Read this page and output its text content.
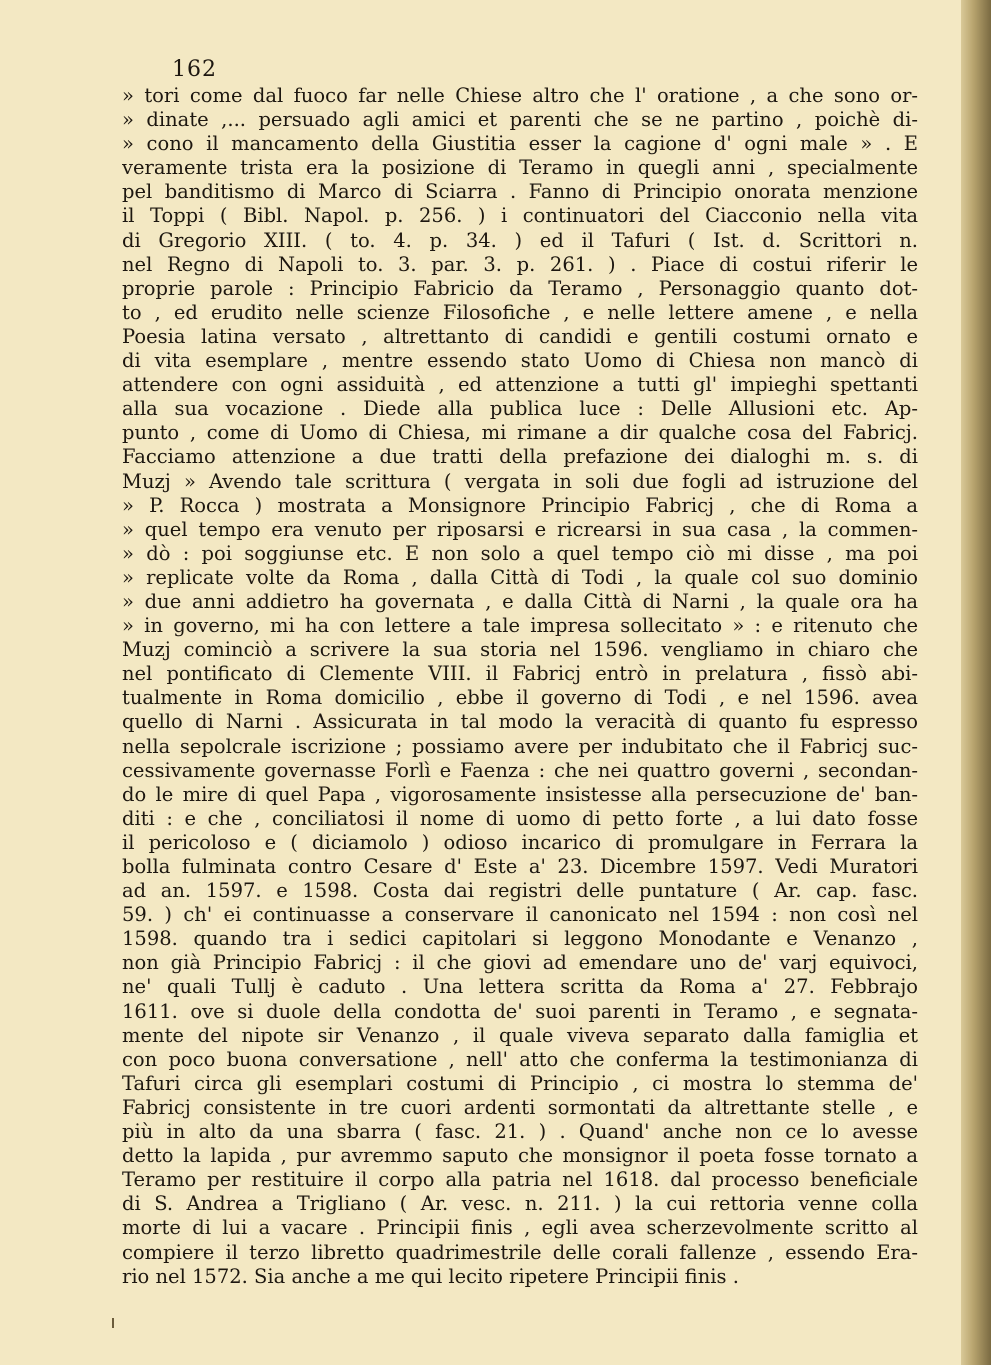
162
» tori come dal fuoco far nelle Chiese altro che l' oratione , a che sono or-
» dinate ,... persuado agli amici et parenti che se ne partino , poichè di-
» cono il mancamento della Giustitia esser la cagione d' ogni male » . E
veramente trista era la posizione di Teramo in quegli anni , specialmente
pel banditismo di Marco di Sciarra . Fanno di Principio onorata menzione
il Toppi ( Bibl. Napol. p. 256. ) i continuatori del Ciacconio nella vita
di Gregorio XIII. ( to. 4. p. 34. ) ed il Tafuri ( Ist. d. Scrittori n.
nel Regno di Napoli to. 3. par. 3. p. 261. ) . Piace di costui riferir le
proprie parole : Principio Fabricio da Teramo , Personaggio quanto dot-
to , ed erudito nelle scienze Filosofiche , e nelle lettere amene , e nella
Poesia latina versato , altrettanto di candidi e gentili costumi ornato e
di vita esemplare , mentre essendo stato Uomo di Chiesa non mancò di
attendere con ogni assiduità , ed attenzione a tutti gl' impieghi spettanti
alla sua vocazione . Diede alla publica luce : Delle Allusioni etc. Ap-
punto , come di Uomo di Chiesa, mi rimane a dir qualche cosa del Fabricj.
Facciamo attenzione a due tratti della prefazione dei dialoghi m. s. di
Muzj » Avendo tale scrittura ( vergata in soli due fogli ad istruzione del
» P. Rocca ) mostrata a Monsignore Principio Fabricj , che di Roma a
» quel tempo era venuto per riposarsi e ricrearsi in sua casa , la commen-
» dò : poi soggiunse etc. E non solo a quel tempo ciò mi disse , ma poi
» replicate volte da Roma , dalla Città di Todi , la quale col suo dominio
» due anni addietro ha governata , e dalla Città di Narni , la quale ora ha
» in governo, mi ha con lettere a tale impresa sollecitato » : e ritenuto che
Muzj cominciò a scrivere la sua storia nel 1596. vengliamo in chiaro che
nel pontificato di Clemente VIII. il Fabricj entrò in prelatura , fissò abi-
tualmente in Roma domicilio , ebbe il governo di Todi , e nel 1596. avea
quello di Narni . Assicurata in tal modo la veracità di quanto fu espresso
nella sepolcrale iscrizione ; possiamo avere per indubitato che il Fabricj suc-
cessivamente governasse Forlì e Faenza : che nei quattro governi , secondan-
do le mire di quel Papa , vigorosamente insistesse alla persecuzione de' ban-
diti : e che , conciliatosi il nome di uomo di petto forte , a lui dato fosse
il pericoloso e ( diciamolo ) odioso incarico di promulgare in Ferrara la
bolla fulminata contro Cesare d' Este a' 23. Dicembre 1597. Vedi Muratori
ad an. 1597. e 1598. Costa dai registri delle puntature ( Ar. cap. fasc.
59. ) ch' ei continuasse a conservare il canonicato nel 1594 : non così nel
1598. quando tra i sedici capitolari si leggono Monodante e Venanzo ,
non già Principio Fabricj : il che giovi ad emendare uno de' varj equivoci,
ne' quali Tullj è caduto . Una lettera scritta da Roma a' 27. Febbrajo
1611. ove si duole della condotta de' suoi parenti in Teramo , e segnata-
mente del nipote sir Venanzo , il quale viveva separato dalla famiglia et
con poco buona conversatione , nell' atto che conferma la testimonianza di
Tafuri circa gli esemplari costumi di Principio , ci mostra lo stemma de'
Fabricj consistente in tre cuori ardenti sormontati da altrettante stelle , e
più in alto da una sbarra ( fasc. 21. ) . Quand' anche non ce lo avesse
detto la lapida , pur avremmo saputo che monsignor il poeta fosse tornato a
Teramo per restituire il corpo alla patria nel 1618. dal processo beneficiale
di S. Andrea a Trigliano ( Ar. vesc. n. 211. ) la cui rettoria venne colla
morte di lui a vacare . Principii finis , egli avea scherzevolmente scritto al
compiere il terzo libretto quadrimestrile delle corali fallenze , essendo Era-
rio nel 1572. Sia anche a me qui lecito ripetere Principii finis .
